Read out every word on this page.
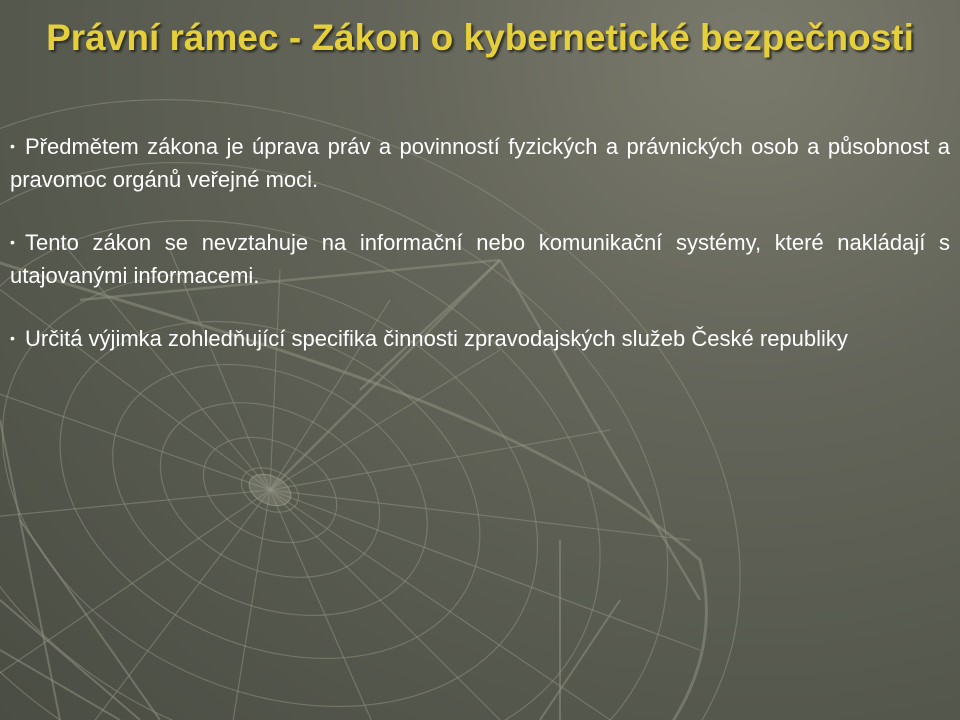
Právní rámec - Zákon o kybernetické bezpečnosti
• Předmětem zákona je úprava práv a povinností fyzických a právnických osob a působnost a pravomoc orgánů veřejné moci.
• Tento zákon se nevztahuje na informační nebo komunikační systémy, které nakládají s utajovanými informacemi.
• Určitá výjimka zohledňující specifika činnosti zpravodajských služeb České republiky
